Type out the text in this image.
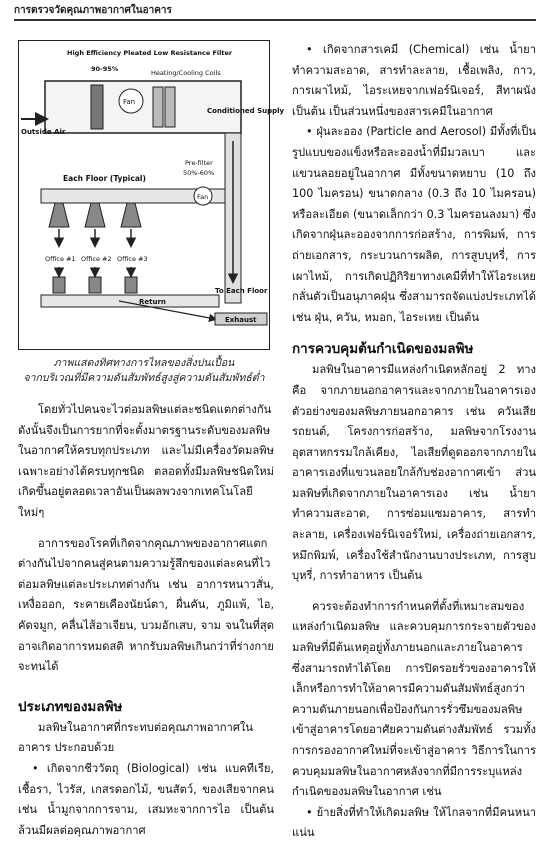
การตรวจวัดคุณภาพอากาศในอาคาร
Fan
Outside Air
High Efficiency Pleated Low Resistance Filter
90-95%	Heating/Cooling Coils
Conditioned Supply
To Each Floor
Each Floor (Typical)
Fan
Pre-filter
50%-60%
Office #1 Office #2 Office #3
Return
Exhaust
ภาพแสดงทิศทางการไหลของสิ่งปนเปื้อน
จากบริเวณที่มีความดันสัมพัทธ์สูงสู่ความดันสัมพัทธ์ต่ำ

โดยทั่วไปคนจะไวต่อมลพิษแต่ละชนิดแตกต่างกัน ดังนั้นจึงเป็นการยากที่จะตั้งมาตรฐานระดับของมลพิษในอากาศให้ครบทุกประเภท และไม่มีเครื่องวัดมลพิษเฉพาะอย่างได้ครบทุกชนิด ตลอดทั้งมีมลพิษชนิดใหม่เกิดขึ้นอยู่ตลอดเวลาอันเป็นผลพวงจากเทคโนโลยีใหม่ๆ

อาการของโรคที่เกิดจากคุณภาพของอากาศแตกต่างกันไปจากคนสู่คนตามความรู้สึกของแต่ละคนที่ไวต่อมลพิษแต่ละประเภทต่างกัน เช่น อาการหนาวสั่น, เหงื่อออก, ระคายเคืองนัยน์ตา, ผื่นคัน, ภูมิแพ้, ไอ, คัดจมูก, คลื่นไส้อาเจียน, บวมอักเสบ, จาม จนในที่สุดอาจเกิดอาการหมดสติ หากรับมลพิษเกินกว่าที่ร่างกายจะทนได้

ประเภทของมลพิษ

มลพิษในอากาศที่กระทบต่อคุณภาพอากาศในอาคาร ประกอบด้วย

• เกิดจากชีววัตถุ (Biological) เช่น แบคทีเรีย, เชื้อรา, ไวรัส, เกสรดอกไม้, ขนสัตว์, ของเสียจากคน เช่น น้ำมูกจากการจาม, เสมหะจากการไอ เป็นต้น ล้วนมีผลต่อคุณภาพอากาศ

• เกิดจากสารเคมี (Chemical) เช่น น้ำยาทำความสะอาด, สารทำละลาย, เชื้อเพลิง, กาว, การเผาไหม้, ไอระเหยจากเฟอร์นิเจอร์, สีทาผนัง เป็นต้น เป็นส่วนหนึ่งของสารเคมีในอากาศ

• ฝุ่นละออง (Particle and Aerosol) มีทั้งที่เป็นรูปแบบของแข็งหรือละอองน้ำที่มีมวลเบา และแขวนลอยอยู่ในอากาศ มีทั้งขนาดหยาบ (10 ถึง 100 ไมครอน) ขนาดกลาง (0.3 ถึง 10 ไมครอน) หรือละเอียด (ขนาดเล็กกว่า 0.3 ไมครอนลงมา) ซึ่งเกิดจากฝุ่นละอองจากการก่อสร้าง, การพิมพ์, การถ่ายเอกสาร, กระบวนการผลิต, การสูบบุหรี่, การเผาไหม้, การเกิดปฏิกิริยาทางเคมีที่ทำให้ไอระเหยกลั่นตัวเป็นอนุภาคฝุ่น ซึ่งสามารถจัดแบ่งประเภทได้ เช่น ฝุ่น, ควัน, หมอก, ไอระเหย เป็นต้น

การควบคุมต้นกำเนิดของมลพิษ

มลพิษในอาคารมีแหล่งกำเนิดหลักอยู่ 2 ทาง คือ จากภายนอกอาคารและจากภายในอาคารเอง ตัวอย่างของมลพิษภายนอกอาคาร เช่น ควันเสียรถยนต์, โครงการก่อสร้าง, มลพิษจากโรงงานอุตสาหกรรมใกล้เคียง, ไอเสียที่ดูดออกจากภายในอาคารเองที่แขวนลอยใกล้กับช่องอากาศเข้า ส่วนมลพิษที่เกิดจากภายในอาคารเอง เช่น น้ำยาทำความสะอาด, การซ่อมแซมอาคาร, สารทำละลาย, เครื่องเฟอร์นิเจอร์ใหม่, เครื่องถ่ายเอกสาร, หมึกพิมพ์, เครื่องใช้สำนักงานบางประเภท, การสูบบุหรี่, การทำอาหาร เป็นต้น

ควรจะต้องทำการกำหนดที่ตั้งที่เหมาะสมของแหล่งกำเนิดมลพิษ และควบคุมการกระจายตัวของมลพิษที่มีต้นเหตุอยู่ทั้งภายนอกและภายในอาคาร ซึ่งสามารถทำได้โดย การปิดรอยรั่วของอาคารให้เล็กหรือการทำให้อาคารมีความดันสัมพัทธ์สูงกว่าความดันภายนอกเพื่อป้องกันการรั่วซึมของมลพิษเข้าสู่อาคารโดยอาศัยความดันต่างสัมพัทธ์ รวมทั้งการกรองอากาศใหม่ที่จะเข้าสู่อาคาร วิธีการในการควบคุมมลพิษในอากาศหลังจากที่มีการระบุแหล่งกำเนิดของมลพิษในอากาศ เช่น

• ย้ายสิ่งที่ทำให้เกิดมลพิษ ให้ไกลจากที่มีคนหนาแน่น
